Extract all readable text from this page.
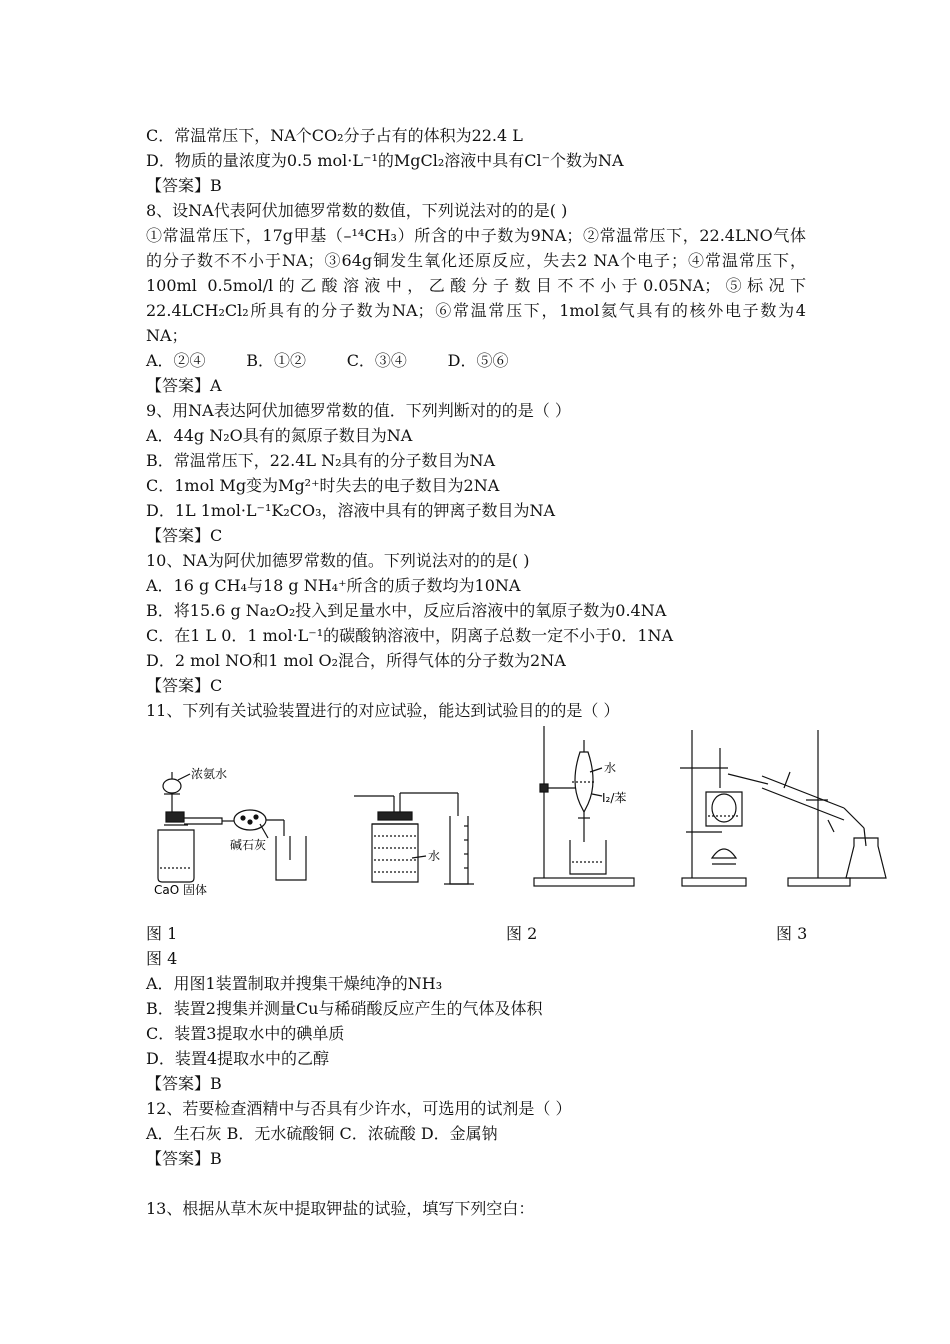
C．常温常压下，NA个CO₂分子占有的体积为22.4 L
D．物质的量浓度为0.5 mol·L⁻¹的MgCl₂溶液中具有Cl⁻个数为NA
【答案】B
8、设NA代表阿伏加德罗常数的数值，下列说法对的的是( )
①常温常压下，17g甲基（–¹⁴CH₃）所含的中子数为9NA；②常温常压下，22.4LNO气体
的分子数不不小于NA；③64g铜发生氧化还原反应，失去2 NA个电子；④常温常压下，
100ml 0.5mol/l的乙酸溶液中，乙酸分子数目不不小于0.05NA；⑤标况下
22.4LCH₂Cl₂所具有的分子数为NA；⑥常温常压下，1mol氦气具有的核外电子数为4
NA；
A．②④        B．①②        C．③④        D．⑤⑥
【答案】A
9、用NA表达阿伏加德罗常数的值．下列判断对的的是（ ）
A．44g N₂O具有的氮原子数目为NA
B．常温常压下，22.4L N₂具有的分子数目为NA
C．1mol Mg变为Mg²⁺时失去的电子数目为2NA
D．1L 1mol·L⁻¹K₂CO₃，溶液中具有的钾离子数目为NA
【答案】C
10、NA为阿伏加德罗常数的值。下列说法对的的是( )
A．16 g CH₄与18 g NH₄⁺所含的质子数均为10NA
B．将15.6 g Na₂O₂投入到足量水中，反应后溶液中的氧原子数为0.4NA
C．在1 L 0．1 mol·L⁻¹的碳酸钠溶液中，阴离子总数一定不小于0．1NA
D．2 mol NO和1 mol O₂混合，所得气体的分子数为2NA
【答案】C
11、下列有关试验装置进行的对应试验，能达到试验目的的是（ ）
浓氨水
碱石灰
CaO 固体
水
水
I₂/苯
图 1	图 2	图 3
图 4
A．用图1装置制取并搜集干燥纯净的NH₃
B．装置2搜集并测量Cu与稀硝酸反应产生的气体及体积
C．装置3提取水中的碘单质
D．装置4提取水中的乙醇
【答案】B
12、若要检查酒精中与否具有少许水，可选用的试剂是（ ）
A．生石灰 B．无水硫酸铜 C．浓硫酸 D．金属钠
【答案】B
13、根据从草木灰中提取钾盐的试验，填写下列空白：
